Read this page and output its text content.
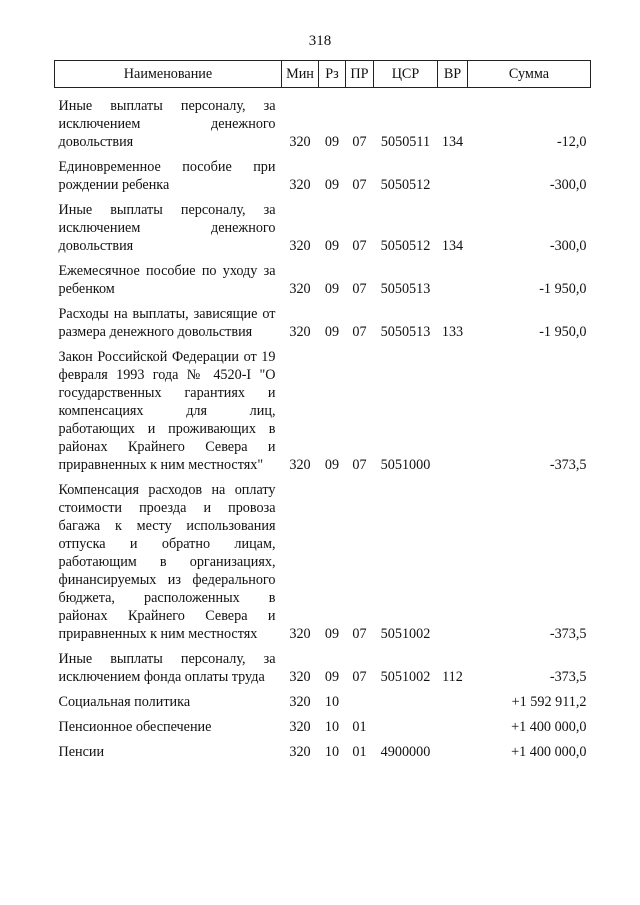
318
Наименование	Мин	Рз	ПР	ЦСР	ВР	Сумма
Иные выплаты персоналу, за исключением денежного довольствия	320	09	07	5050511	134	-12,0
Единовременное пособие при рождении ребенка	320	09	07	5050512		-300,0
Иные выплаты персоналу, за исключением денежного довольствия	320	09	07	5050512	134	-300,0
Ежемесячное пособие по уходу за ребенком	320	09	07	5050513		-1 950,0
Расходы на выплаты, зависящие от размера денежного довольствия	320	09	07	5050513	133	-1 950,0
Закон Российской Федерации от 19 февраля 1993 года № 4520-I "О государственных гарантиях и компенсациях для лиц, работающих и проживающих в районах Крайнего Севера и приравненных к ним местностях"	320	09	07	5051000		-373,5
Компенсация расходов на оплату стоимости проезда и провоза багажа к месту использования отпуска и обратно лицам, работающим в организациях, финансируемых из федерального бюджета, расположенных в районах Крайнего Севера и приравненных к ним местностях	320	09	07	5051002		-373,5
Иные выплаты персоналу, за исключением фонда оплаты труда	320	09	07	5051002	112	-373,5
Социальная политика	320	10				+1 592 911,2
Пенсионное обеспечение	320	10	01			+1 400 000,0
Пенсии	320	10	01	4900000		+1 400 000,0
